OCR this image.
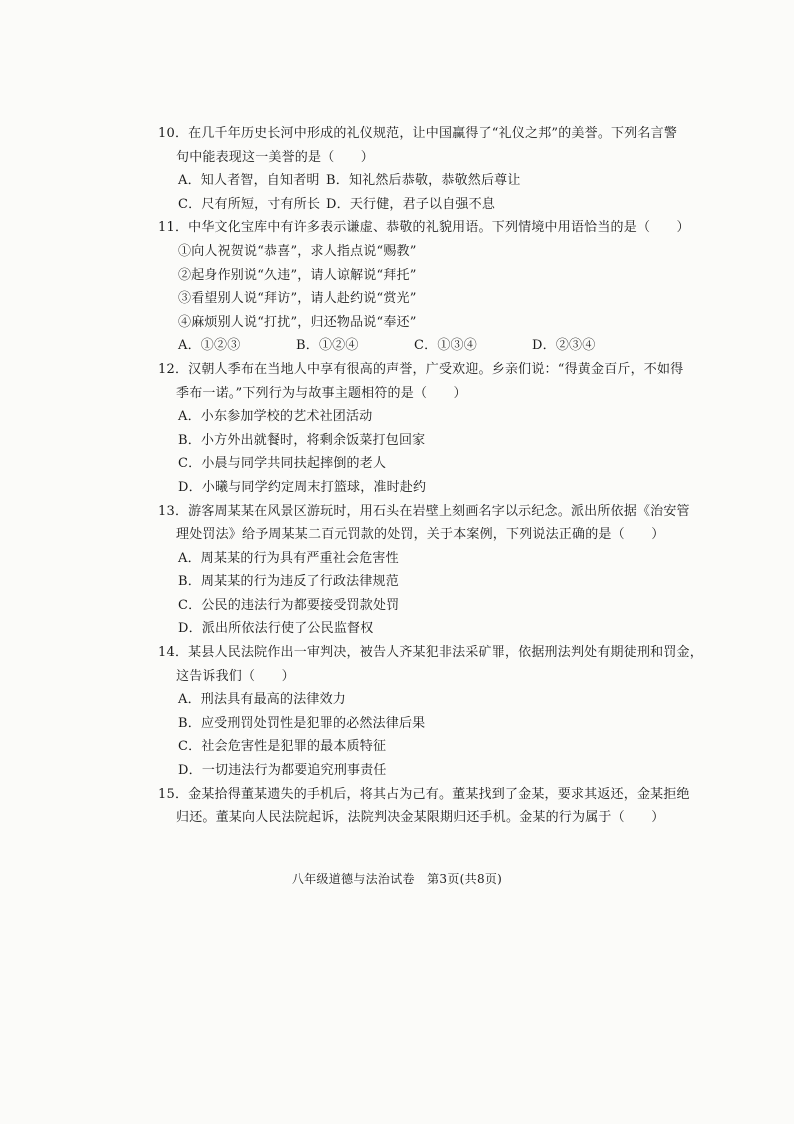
10．在几千年历史长河中形成的礼仪规范，让中国赢得了“礼仪之邦”的美誉。下列名言警
句中能表现这一美誉的是（　　）
A．知人者智，自知者明 B．知礼然后恭敬，恭敬然后尊让
C．尺有所短，寸有所长 D．天行健，君子以自强不息
11．中华文化宝库中有许多表示谦虚、恭敬的礼貌用语。下列情境中用语恰当的是（　　）
①向人祝贺说“恭喜”，求人指点说“赐教”
②起身作别说“久违”，请人谅解说“拜托”
③看望别人说“拜访”，请人赴约说“赏光”
④麻烦别人说“打扰”，归还物品说“奉还”
A．①②③	B．①②④	C．①③④	D．②③④
12．汉朝人季布在当地人中享有很高的声誉，广受欢迎。乡亲们说：“得黄金百斤，不如得
季布一诺。”下列行为与故事主题相符的是（　　）
A．小东参加学校的艺术社团活动
B．小方外出就餐时，将剩余饭菜打包回家
C．小晨与同学共同扶起摔倒的老人
D．小曦与同学约定周末打篮球，准时赴约
13．游客周某某在风景区游玩时，用石头在岩壁上刻画名字以示纪念。派出所依据《治安管
理处罚法》给予周某某二百元罚款的处罚，关于本案例，下列说法正确的是（　　）
A．周某某的行为具有严重社会危害性
B．周某某的行为违反了行政法律规范
C．公民的违法行为都要接受罚款处罚
D．派出所依法行使了公民监督权
14．某县人民法院作出一审判决，被告人齐某犯非法采矿罪，依据刑法判处有期徒刑和罚金，
这告诉我们（　　）
A．刑法具有最高的法律效力
B．应受刑罚处罚性是犯罪的必然法律后果
C．社会危害性是犯罪的最本质特征
D．一切违法行为都要追究刑事责任
15．金某拾得董某遗失的手机后，将其占为己有。董某找到了金某，要求其返还，金某拒绝
归还。董某向人民法院起诉，法院判决金某限期归还手机。金某的行为属于（　　）
八年级道德与法治试卷　第3页(共8页)
